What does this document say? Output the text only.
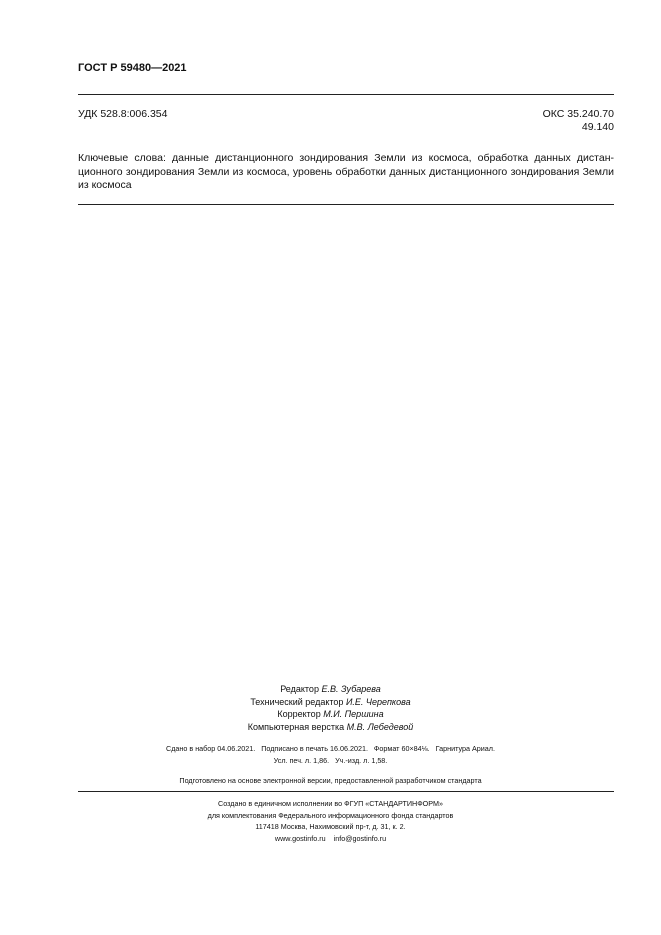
ГОСТ Р 59480—2021
УДК 528.8:006.354	ОКС 35.240.70
49.140
Ключевые слова: данные дистанционного зондирования Земли из космоса, обработка данных дистанционного зондирования Земли из космоса, уровень обработки данных дистанционного зондирования Земли из космоса
Редактор Е.В. Зубарева
Технический редактор И.Е. Черепкова
Корректор М.И. Першина
Компьютерная верстка М.В. Лебедевой
Сдано в набор 04.06.2021.   Подписано в печать 16.06.2021.   Формат 60×84⅛.   Гарнитура Ариал.
Усл. печ. л. 1,86.   Уч.-изд. л. 1,58.
Подготовлено на основе электронной версии, предоставленной разработчиком стандарта
Создано в единичном исполнении во ФГУП «СТАНДАРТИНФОРМ»
для комплектования Федерального информационного фонда стандартов
117418 Москва, Нахимовский пр-т, д. 31, к. 2.
www.gostinfo.ru    info@gostinfo.ru
